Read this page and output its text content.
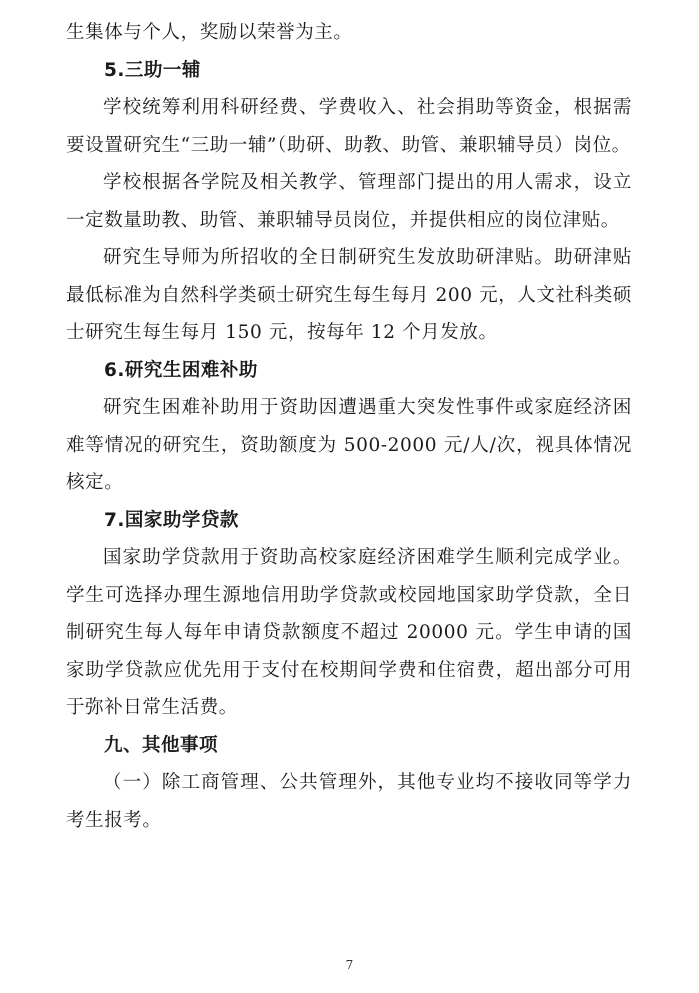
生集体与个人，奖励以荣誉为主。

5.三助一辅

学校统筹利用科研经费、学费收入、社会捐助等资金，根据需要设置研究生“三助一辅”（助研、助教、助管、兼职辅导员）岗位。

学校根据各学院及相关教学、管理部门提出的用人需求，设立一定数量助教、助管、兼职辅导员岗位，并提供相应的岗位津贴。

研究生导师为所招收的全日制研究生发放助研津贴。助研津贴最低标准为自然科学类硕士研究生每生每月 200 元，人文社科类硕士研究生每生每月 150 元，按每年 12 个月发放。

6.研究生困难补助

研究生困难补助用于资助因遭遇重大突发性事件或家庭经济困难等情况的研究生，资助额度为 500-2000 元/人/次，视具体情况核定。

7.国家助学贷款

国家助学贷款用于资助高校家庭经济困难学生顺利完成学业。学生可选择办理生源地信用助学贷款或校园地国家助学贷款，全日制研究生每人每年申请贷款额度不超过 20000 元。学生申请的国家助学贷款应优先用于支付在校期间学费和住宿费，超出部分可用于弥补日常生活费。

九、其他事项

（一）除工商管理、公共管理外，其他专业均不接收同等学力考生报考。

7
